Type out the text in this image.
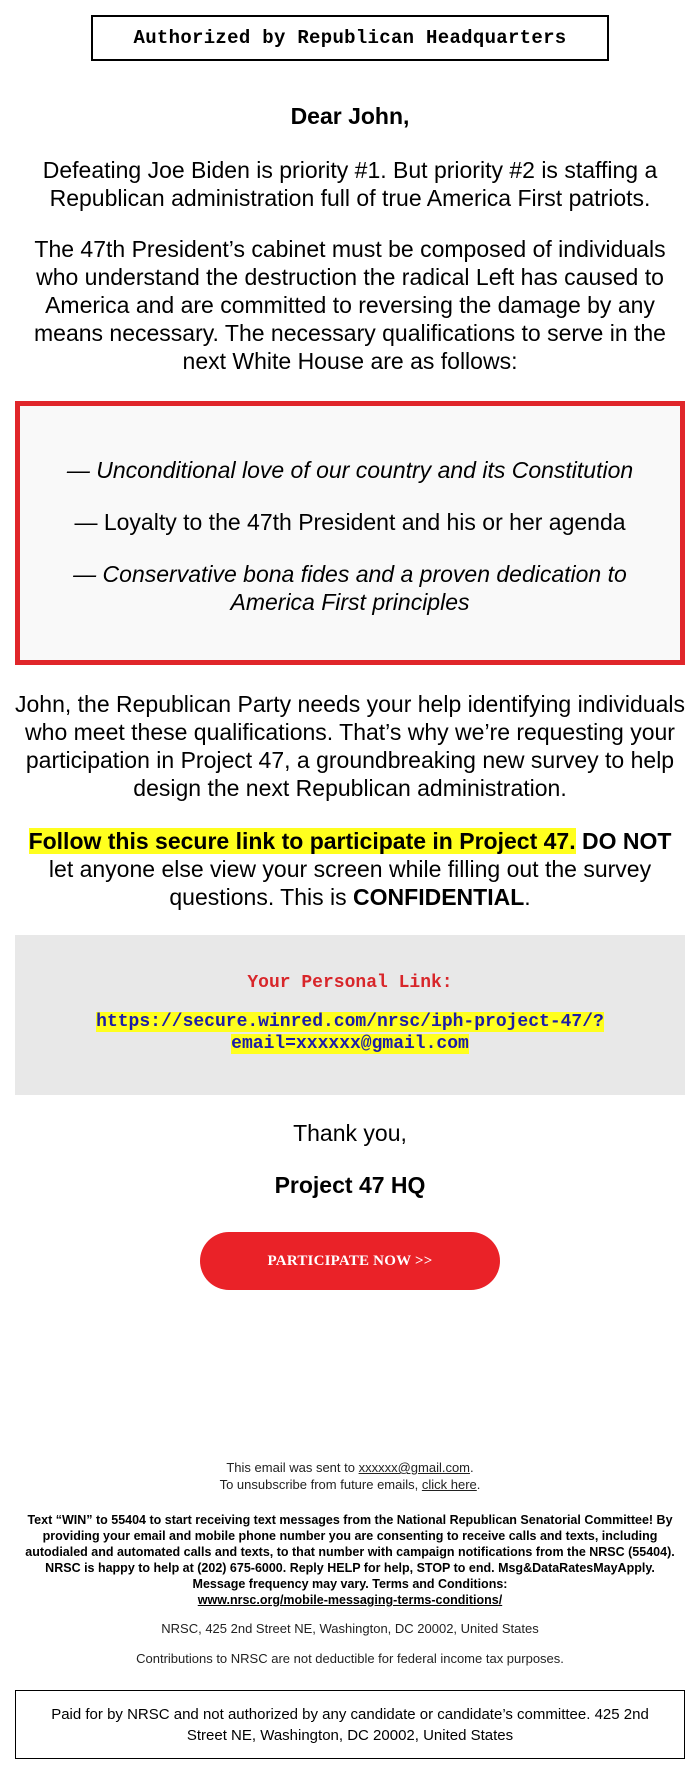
Authorized by Republican Headquarters
Dear John,

Defeating Joe Biden is priority #1. But priority #2 is staffing a Republican administration full of true America First patriots.

The 47th President’s cabinet must be composed of individuals who understand the destruction the radical Left has caused to America and are committed to reversing the damage by any means necessary. The necessary qualifications to serve in the next White House are as follows:

— Unconditional love of our country and its Constitution

— Loyalty to the 47th President and his or her agenda

— Conservative bona fides and a proven dedication to America First principles

John, the Republican Party needs your help identifying individuals who meet these qualifications. That’s why we’re requesting your participation in Project 47, a groundbreaking new survey to help design the next Republican administration.

Follow this secure link to participate in Project 47. DO NOT let anyone else view your screen while filling out the survey questions. This is CONFIDENTIAL.

Your Personal Link:
https://secure.winred.com/nrsc/iph-project-47/?
email=xxxxxx@gmail.com
Thank you,
Project 47 HQ
PARTICIPATE NOW >>
This email was sent to xxxxxx@gmail.com.
To unsubscribe from future emails, click here.
Text “WIN” to 55404 to start receiving text messages from the National Republican Senatorial Committee! By providing your email and mobile phone number you are consenting to receive calls and texts, including autodialed and automated calls and texts, to that number with campaign notifications from the NRSC (55404). NRSC is happy to help at (202) 675-6000. Reply HELP for help, STOP to end. Msg&DataRatesMayApply. Message frequency may vary. Terms and Conditions:
www.nrsc.org/mobile-messaging-terms-conditions/
NRSC, 425 2nd Street NE, Washington, DC 20002, United States
Contributions to NRSC are not deductible for federal income tax purposes.
Paid for by NRSC and not authorized by any candidate or candidate’s committee. 425 2nd Street NE, Washington, DC 20002, United States
